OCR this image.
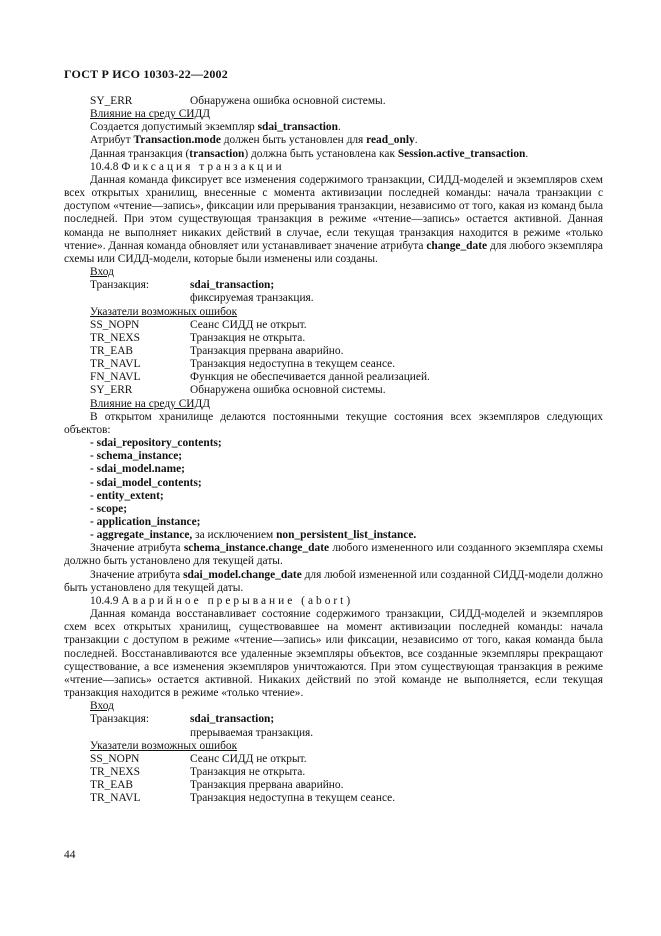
ГОСТ Р ИСО 10303-22—2002
SY_ERR	Обнаружена ошибка основной системы.
Влияние на среду СИДД

Создается допустимый экземпляр sdai_transaction.

Атрибут Transaction.mode должен быть установлен для read_only.

Данная транзакция (transaction) должна быть установлена как Session.active_transaction.

10.4.8 Фиксация транзакции

Данная команда фиксирует все изменения содержимого транзакции, СИДД-моделей и экземпляров схем всех открытых хранилищ, внесенные с момента активизации последней команды: начала транзакции с доступом «чтение—запись», фиксации или прерывания транзакции, независимо от того, какая из команд была последней. При этом существующая транзакция в режиме «чтение—запись» остается активной. Данная команда не выполняет никаких действий в случае, если текущая транзакция находится в режиме «только чтение». Данная команда обновляет или устанавливает значение атрибута change_date для любого экземпляра схемы или СИДД-модели, которые были изменены или созданы.

Вход
Транзакция:	sdai_transaction;
фиксируемая транзакция.
Указатели возможных ошибок
SS_NOPN	Сеанс СИДД не открыт.
TR_NEXS	Транзакция не открыта.
TR_EAB	Транзакция прервана аварийно.
TR_NAVL	Транзакция недоступна в текущем сеансе.
FN_NAVL	Функция не обеспечивается данной реализацией.
SY_ERR	Обнаружена ошибка основной системы.
Влияние на среду СИДД

В открытом хранилище делаются постоянными текущие состояния всех экземпляров следующих объектов:

- sdai_repository_contents;
- schema_instance;
- sdai_model.name;
- sdai_model_contents;
- entity_extent;
- scope;
- application_instance;

- aggregate_instance, за исключением non_persistent_list_instance.

Значение атрибута schema_instance.change_date любого измененного или созданного экземпляра схемы должно быть установлено для текущей даты.

Значение атрибута sdai_model.change_date для любой измененной или созданной СИДД-модели должно быть установлено для текущей даты.

10.4.9 Аварийное прерывание (abort)

Данная команда восстанавливает состояние содержимого транзакции, СИДД-моделей и экземпляров схем всех открытых хранилищ, существовавшее на момент активизации последней команды: начала транзакции с доступом в режиме «чтение—запись» или фиксации, независимо от того, какая команда была последней. Восстанавливаются все удаленные экземпляры объектов, все созданные экземпляры прекращают существование, а все изменения экземпляров уничтожаются. При этом существующая транзакция в режиме «чтение—запись» остается активной. Никаких действий по этой команде не выполняется, если текущая транзакция находится в режиме «только чтение».

Вход
Транзакция:	sdai_transaction;
прерываемая транзакция.
Указатели возможных ошибок
SS_NOPN	Сеанс СИДД не открыт.
TR_NEXS	Транзакция не открыта.
TR_EAB	Транзакция прервана аварийно.
TR_NAVL	Транзакция недоступна в текущем сеансе.
44
